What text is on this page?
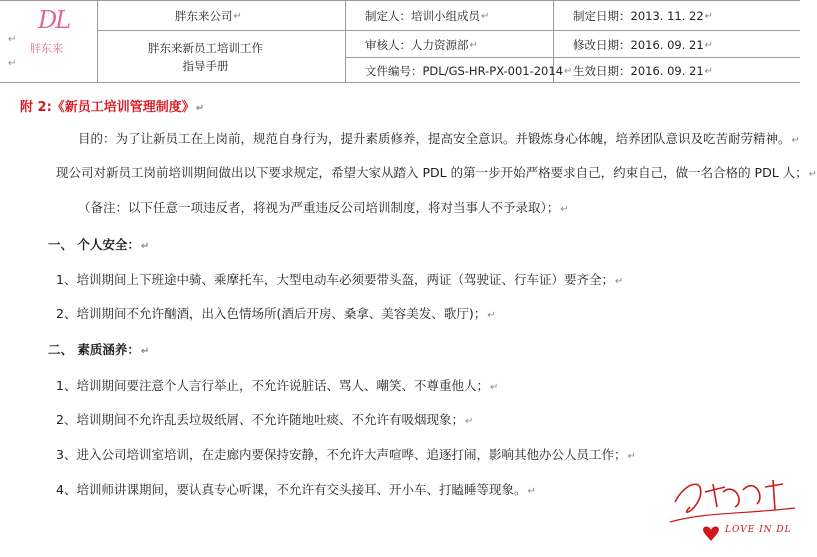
DL
胖东来
↵
↵
胖东来公司 ↵
胖东来新员工培训工作
指导手册
制定人：培训小组成员 ↵
审核人：人力资源部 ↵
文件编号：PDL/GS-HR-PX-001-2014 ↵
制定日期：2013. 11. 22 ↵
修改日期：2016. 09. 21 ↵
生效日期：2016. 09. 21 ↵
附 2:《新员工培训管理制度》↵
目的：为了让新员工在上岗前，规范自身行为，提升素质修养，提高安全意识。并锻炼身心体魄，培养团队意识及吃苦耐劳精神。↵
现公司对新员工岗前培训期间做出以下要求规定，希望大家从踏入 PDL 的第一步开始严格要求自己，约束自己，做一名合格的 PDL 人；↵
（备注：以下任意一项违反者，将视为严重违反公司培训制度，将对当事人不予录取）；↵
一、 个人安全：↵
1、培训期间上下班途中骑、乘摩托车，大型电动车必须要带头盔，两证（驾驶证、行车证）要齐全；↵
2、培训期间不允许酗酒，出入色情场所(酒后开房、桑拿、美容美发、歌厅)；↵
二、 素质涵养：↵
1、培训期间要注意个人言行举止，不允许说脏话、骂人、嘲笑、不尊重他人；↵
2、培训期间不允许乱丢垃圾纸屑、不允许随地吐痰、不允许有吸烟现象；↵
3、进入公司培训室培训，在走廊内要保持安静，不允许大声喧哗、追逐打闹，影响其他办公人员工作；↵
4、培训师讲课期间，要认真专心听课，不允许有交头接耳、开小车、打瞌睡等现象。↵
LOVE IN DL
